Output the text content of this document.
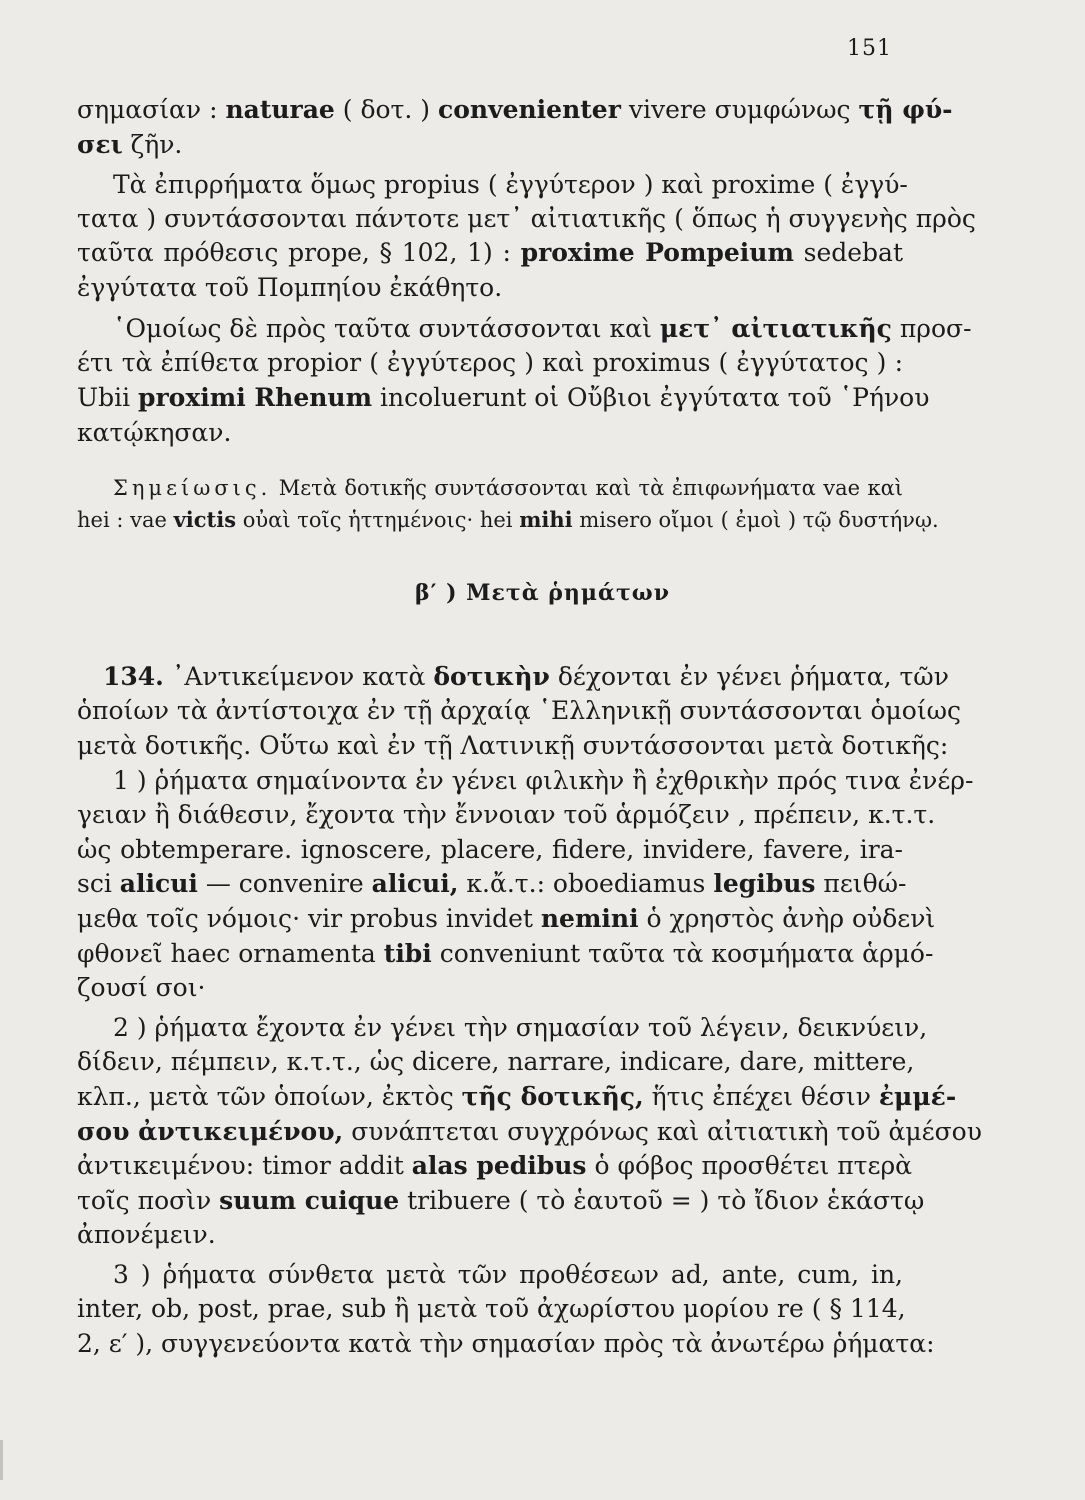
151
σημασίαν : naturae ( δοτ. ) convenienter vivere συμφώνως τῇ φύ-
σει ζῆν.
Τὰ ἐπιρρήματα ὅμως propius ( ἐγγύτερον ) καὶ proxime ( ἐγγύ-
τατα ) συντάσσονται πάντοτε μετ᾽ αἰτιατικῆς ( ὅπως ἡ συγγενὴς πρὸς
ταῦτα πρόθεσις prope, § 102, 1) : proxime Pompeium sedebat
ἐγγύτατα τοῦ Πομπηίου ἐκάθητο.
῾Ομοίως δὲ πρὸς ταῦτα συντάσσονται καὶ μετ᾽ αἰτιατικῆς προσ-
έτι τὰ ἐπίθετα propior ( ἐγγύτερος ) καὶ proximus ( ἐγγύτατος ) :
Ubii proximi Rhenum incoluerunt οἱ Οὔβιοι ἐγγύτατα τοῦ ῾Ρήνου
κατῴκησαν.
Σημείωσις. Μετὰ δοτικῆς συντάσσονται καὶ τὰ ἐπιφωνήματα vae καὶ
hei : vae victis οὐαὶ τοῖς ἡττημένοις· hei mihi misero οἴμοι ( ἐμοὶ ) τῷ δυστήνῳ.
β′ ) Μετὰ ῥημάτων
134. ᾽Αντικείμενον κατὰ δοτικὴν δέχονται ἐν γένει ῥήματα, τῶν
ὁποίων τὰ ἀντίστοιχα ἐν τῇ ἀρχαίᾳ ῾Ελληνικῇ συντάσσονται ὁμοίως
μετὰ δοτικῆς. Οὕτω καὶ ἐν τῇ Λατινικῇ συντάσσονται μετὰ δοτικῆς:
1 ) ῥήματα σημαίνοντα ἐν γένει φιλικὴν ἢ ἐχθρικὴν πρός τινα ἐνέρ-
γειαν ἢ διάθεσιν, ἔχοντα τὴν ἔννοιαν τοῦ ἁρμόζειν , πρέπειν, κ.τ.τ.
ὡς obtemperare. ignoscere, placere, fidere, invidere, favere, ira-
sci alicui — convenire alicui, κ.ἄ.τ.: oboediamus legibus πειθώ-
μεθα τοῖς νόμοις· vir probus invidet nemini ὁ χρηστὸς ἀνὴρ οὐδενὶ
φθονεῖ haec ornamenta tibi conveniunt ταῦτα τὰ κοσμήματα ἁρμό-
ζουσί σοι·
2 ) ῥήματα ἔχοντα ἐν γένει τὴν σημασίαν τοῦ λέγειν, δεικνύειν,
δίδειν, πέμπειν, κ.τ.τ., ὡς dicere, narrare, indicare, dare, mittere,
κλπ., μετὰ τῶν ὁποίων, ἐκτὸς τῆς δοτικῆς, ἥτις ἐπέχει θέσιν ἐμμέ-
σου ἀντικειμένου, συνάπτεται συγχρόνως καὶ αἰτιατικὴ τοῦ ἀμέσου
ἀντικειμένου: timor addit alas pedibus ὁ φόβος προσθέτει πτερὰ
τοῖς ποσὶν suum cuique tribuere ( τὸ ἑαυτοῦ = ) τὸ ἴδιον ἑκάστῳ
ἀπονέμειν.
3 ) ῥήματα σύνθετα μετὰ τῶν προθέσεων ad, ante, cum, in,
inter, ob, post, prae, sub ἢ μετὰ τοῦ ἀχωρίστου μορίου re ( § 114,
2, ε′ ), συγγενεύοντα κατὰ τὴν σημασίαν πρὸς τὰ ἀνωτέρω ῥήματα:
